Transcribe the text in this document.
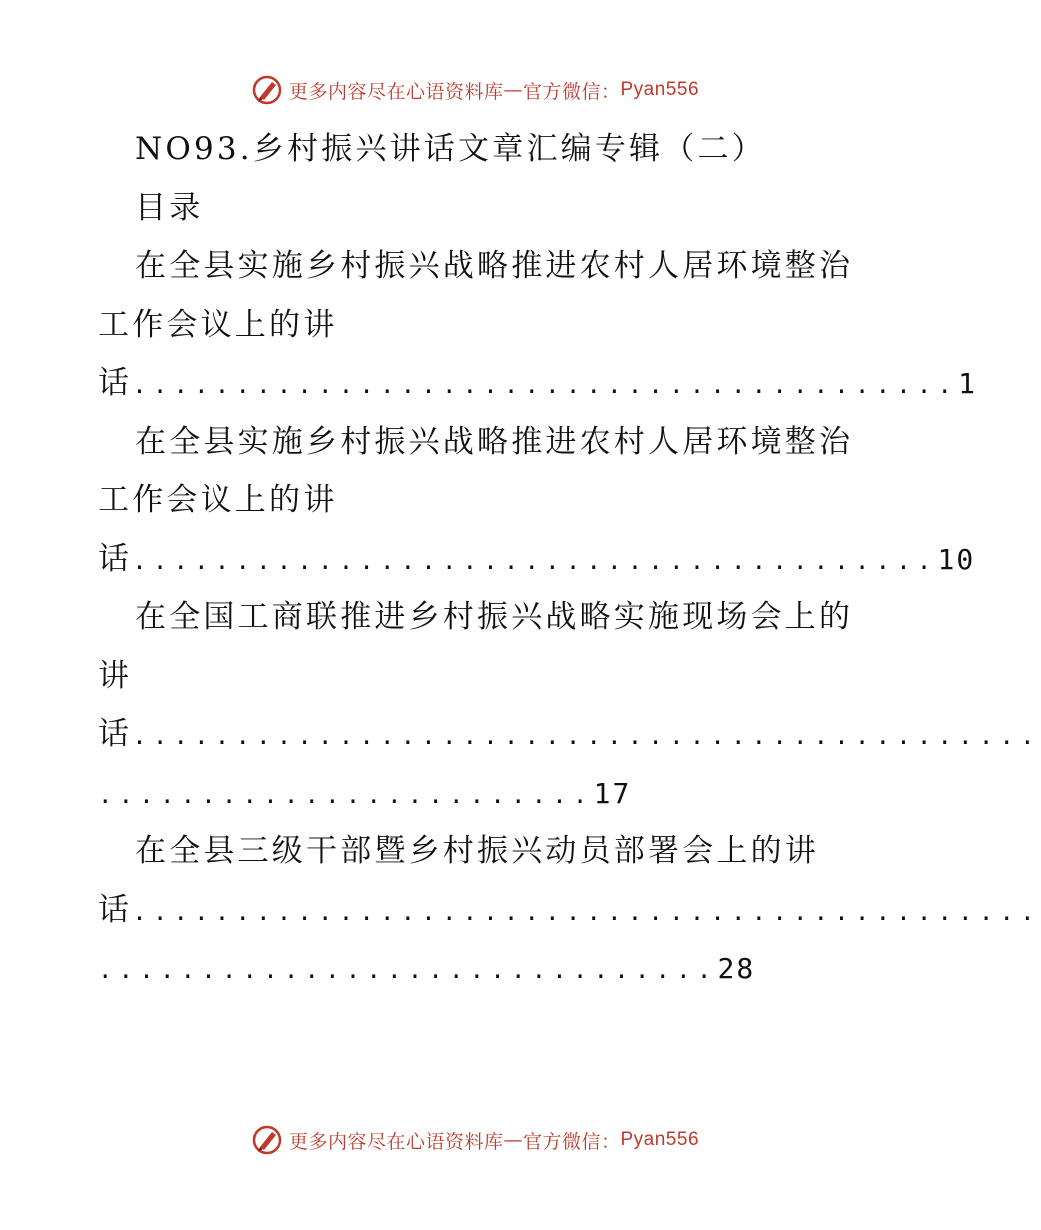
更多内容尽在心语资料库 — 官方微信： Pyan556
NO93.乡村振兴讲话文章汇编专辑（二）
目录
在全县实施乡村振兴战略推进农村人居环境整治
工作会议上的讲
话........................................1
在全县实施乡村振兴战略推进农村人居环境整治
工作会议上的讲
话.......................................10
在全国工商联推进乡村振兴战略实施现场会上的
讲
话............................................
........................17
在全县三级干部暨乡村振兴动员部署会上的讲
话............................................
..............................28
更多内容尽在心语资料库 — 官方微信： Pyan556
